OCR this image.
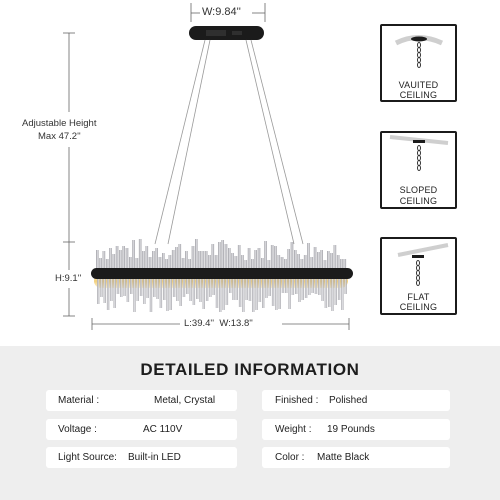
W:9.84''
Adjustable Height
Max 47.2''
H:9.1''
L:39.4''  W:13.8''
VAUITED
CEILING
SLOPED
CEILING
FLAT
CEILING
DETAILED INFORMATION
Material :	Metal, Crystal	Finished : Polished
Voltage :	AC 110V	Weight : 19 Pounds
Light Source: Built-in LED	Color : Matte Black
